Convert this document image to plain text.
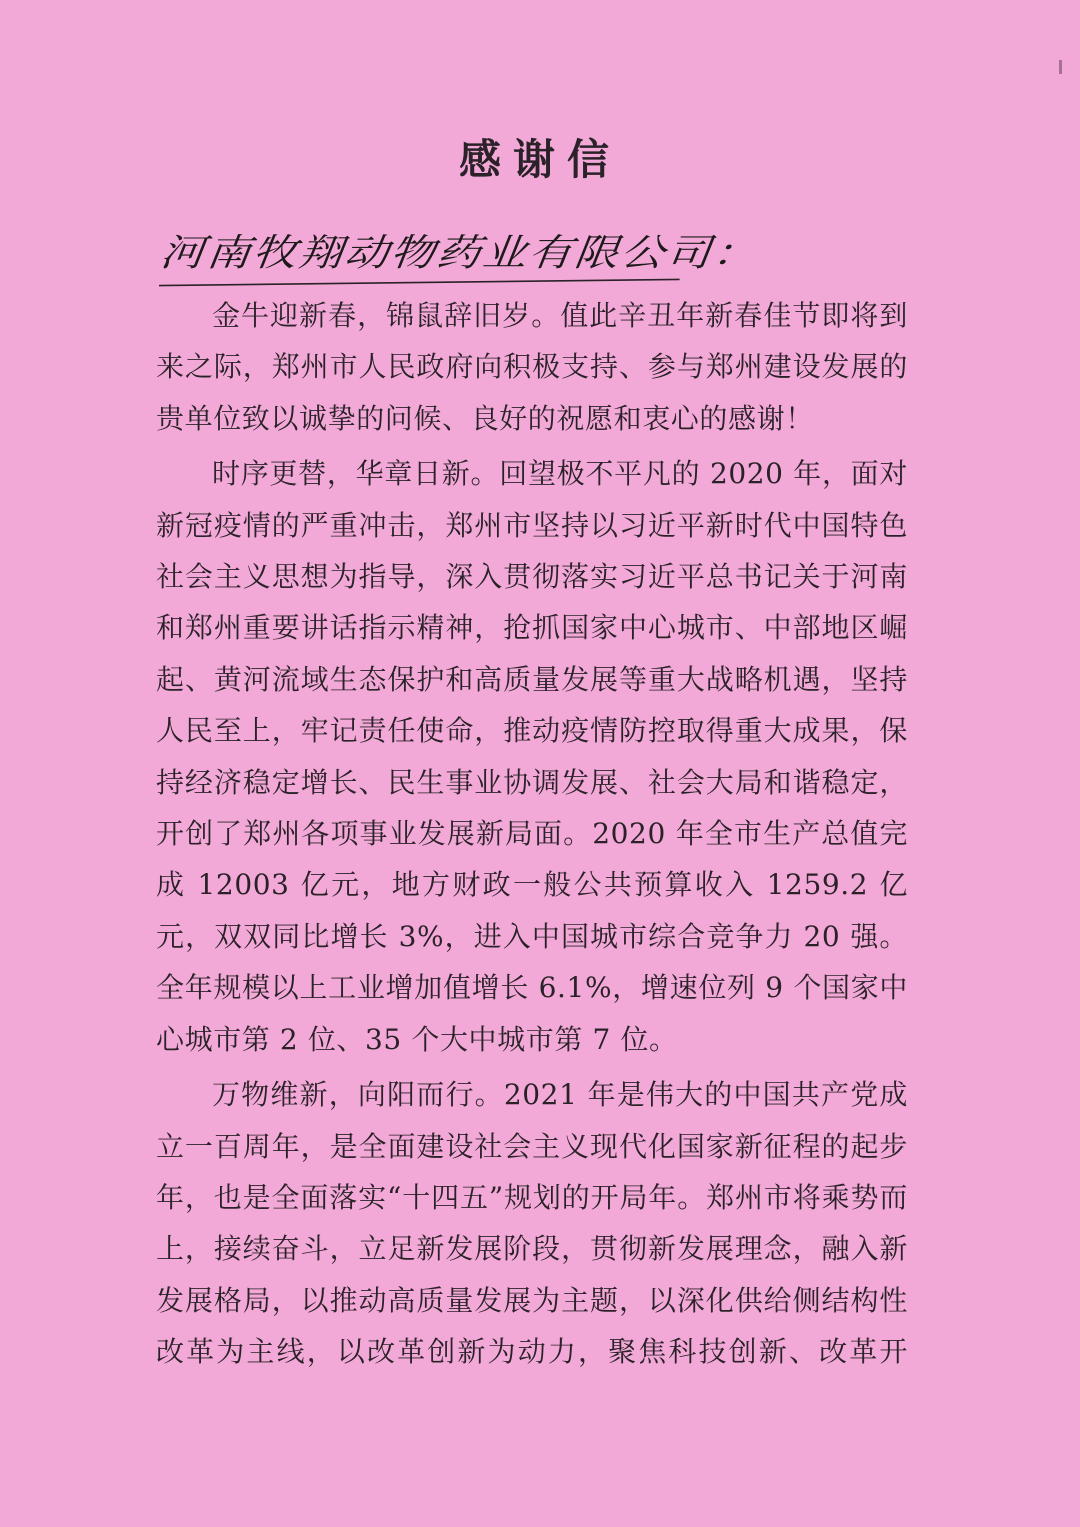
感谢信
河南牧翔动物药业有限公司：

金牛迎新春，锦鼠辞旧岁。值此辛丑年新春佳节即将到来之际，郑州市人民政府向积极支持、参与郑州建设发展的贵单位致以诚挚的问候、良好的祝愿和衷心的感谢！

时序更替，华章日新。回望极不平凡的 2020 年，面对新冠疫情的严重冲击，郑州市坚持以习近平新时代中国特色社会主义思想为指导，深入贯彻落实习近平总书记关于河南和郑州重要讲话指示精神，抢抓国家中心城市、中部地区崛起、黄河流域生态保护和高质量发展等重大战略机遇，坚持人民至上，牢记责任使命，推动疫情防控取得重大成果，保持经济稳定增长、民生事业协调发展、社会大局和谐稳定，开创了郑州各项事业发展新局面。2020 年全市生产总值完成 12003 亿元，地方财政一般公共预算收入 1259.2 亿元，双双同比增长 3%，进入中国城市综合竞争力 20 强。全年规模以上工业增加值增长 6.1%，增速位列 9 个国家中心城市第 2 位、35 个大中城市第 7 位。

万物维新，向阳而行。2021 年是伟大的中国共产党成立一百周年，是全面建设社会主义现代化国家新征程的起步年，也是全面落实“十四五”规划的开局年。郑州市将乘势而上，接续奋斗，立足新发展阶段，贯彻新发展理念，融入新发展格局，以推动高质量发展为主题，以深化供给侧结构性改革为主线，以改革创新为动力，聚焦科技创新、改革开
